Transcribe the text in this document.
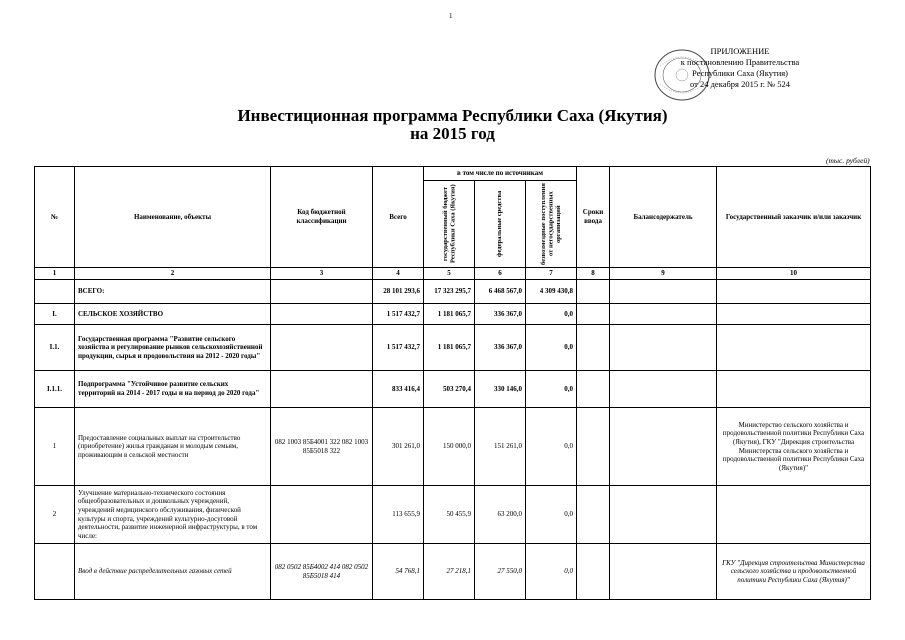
1
ПРИЛОЖЕНИЕ
к постановлению Правительства
Республики Саха (Якутия)
от 24 декабря 2015 г. № 524
Инвестиционная программа Республики Саха (Якутия)
на 2015 год
(тыс. рублей)
№	Наименование, объекты	Код бюджетной классификации	Всего	в том числе по источникам			Сроки ввода	Балансодержатель	Государственный заказчик и/или заказчик

				государственный бюджет Республики Саха (Якутия)	федеральные средства	безвозмездные поступления от негосударственных организаций			

1	2	3	4	5	6	7	8	9	10
	ВСЕГО:		28 101 293,6	17 323 295,7	6 468 567,0	4 309 430,8			
I.	СЕЛЬСКОЕ ХОЗЯЙСТВО		1 517 432,7	1 181 065,7	336 367,0	0,0			
I.1.	Государственная программа "Развитие сельского хозяйства и регулирование рынков сельскохозяйственной продукции, сырья и продовольствия на 2012 - 2020 годы"		1 517 432,7	1 181 065,7	336 367,0	0,0			
I.1.1.	Подпрограмма "Устойчивое развитие сельских территорий на 2014 - 2017 годы и на период до 2020 года"		833 416,4	503 270,4	330 146,0	0,0			
1	Предоставление социальных выплат на строительство (приобретение) жилья гражданам и молодым семьям, проживающим в сельской местности	082 1003 85Б4001 322 082 1003 85Б5018 322	301 261,0	150 000,0	151 261,0	0,0			Министерство сельского хозяйства и продовольственной политики Республики Саха (Якутия), ГКУ "Дирекция строительства Министерства сельского хозяйства и продовольственной политики Республики Саха (Якутия)"
2	Улучшение материально-технического состояния общеобразовательных и дошкольных учреждений, учреждений медицинского обслуживания, физической культуры и спорта, учреждений культурно-досуговой деятельности, развитие инженерной инфраструктуры, в том числе:		113 655,9	50 455,9	63 200,0	0,0			
	Ввод в действие распределительных газовых сетей	082 0502 85Б4002 414 082 0502 85Б5018 414	54 768,1	27 218,1	27 550,0	0,0			ГКУ "Дирекция строительства Министерства сельского хозяйства и продовольственной политики Республики Саха (Якутия)"
